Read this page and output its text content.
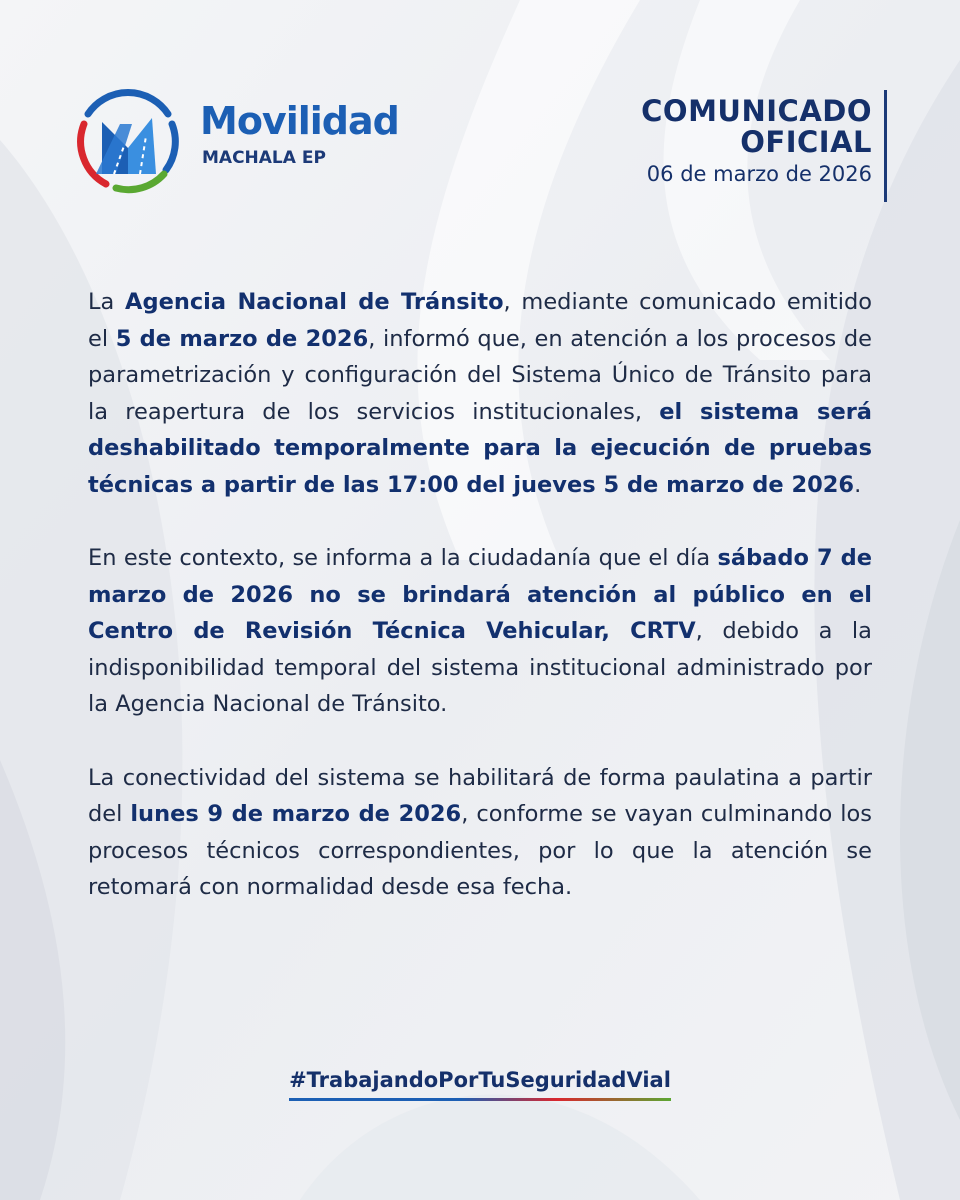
Movilidad
MACHALA EP
COMUNICADO
OFICIAL
06 de marzo de 2026

La Agencia Nacional de Tránsito, mediante comunicado emitido el 5 de marzo de 2026, informó que, en atención a los procesos de parametrización y configuración del Sistema Único de Tránsito para la reapertura de los servicios institucionales, el sistema será deshabilitado temporalmente para la ejecución de pruebas técnicas a partir de las 17:00 del jueves 5 de marzo de 2026.

En este contexto, se informa a la ciudadanía que el día sábado 7 de marzo de 2026 no se brindará atención al público en el Centro de Revisión Técnica Vehicular, CRTV, debido a la indisponibilidad temporal del sistema institucional administrado por la Agencia Nacional de Tránsito.

La conectividad del sistema se habilitará de forma paulatina a partir del lunes 9 de marzo de 2026, conforme se vayan culminando los procesos técnicos correspondientes, por lo que la atención se retomará con normalidad desde esa fecha.

#TrabajandoPorTuSeguridadVial
